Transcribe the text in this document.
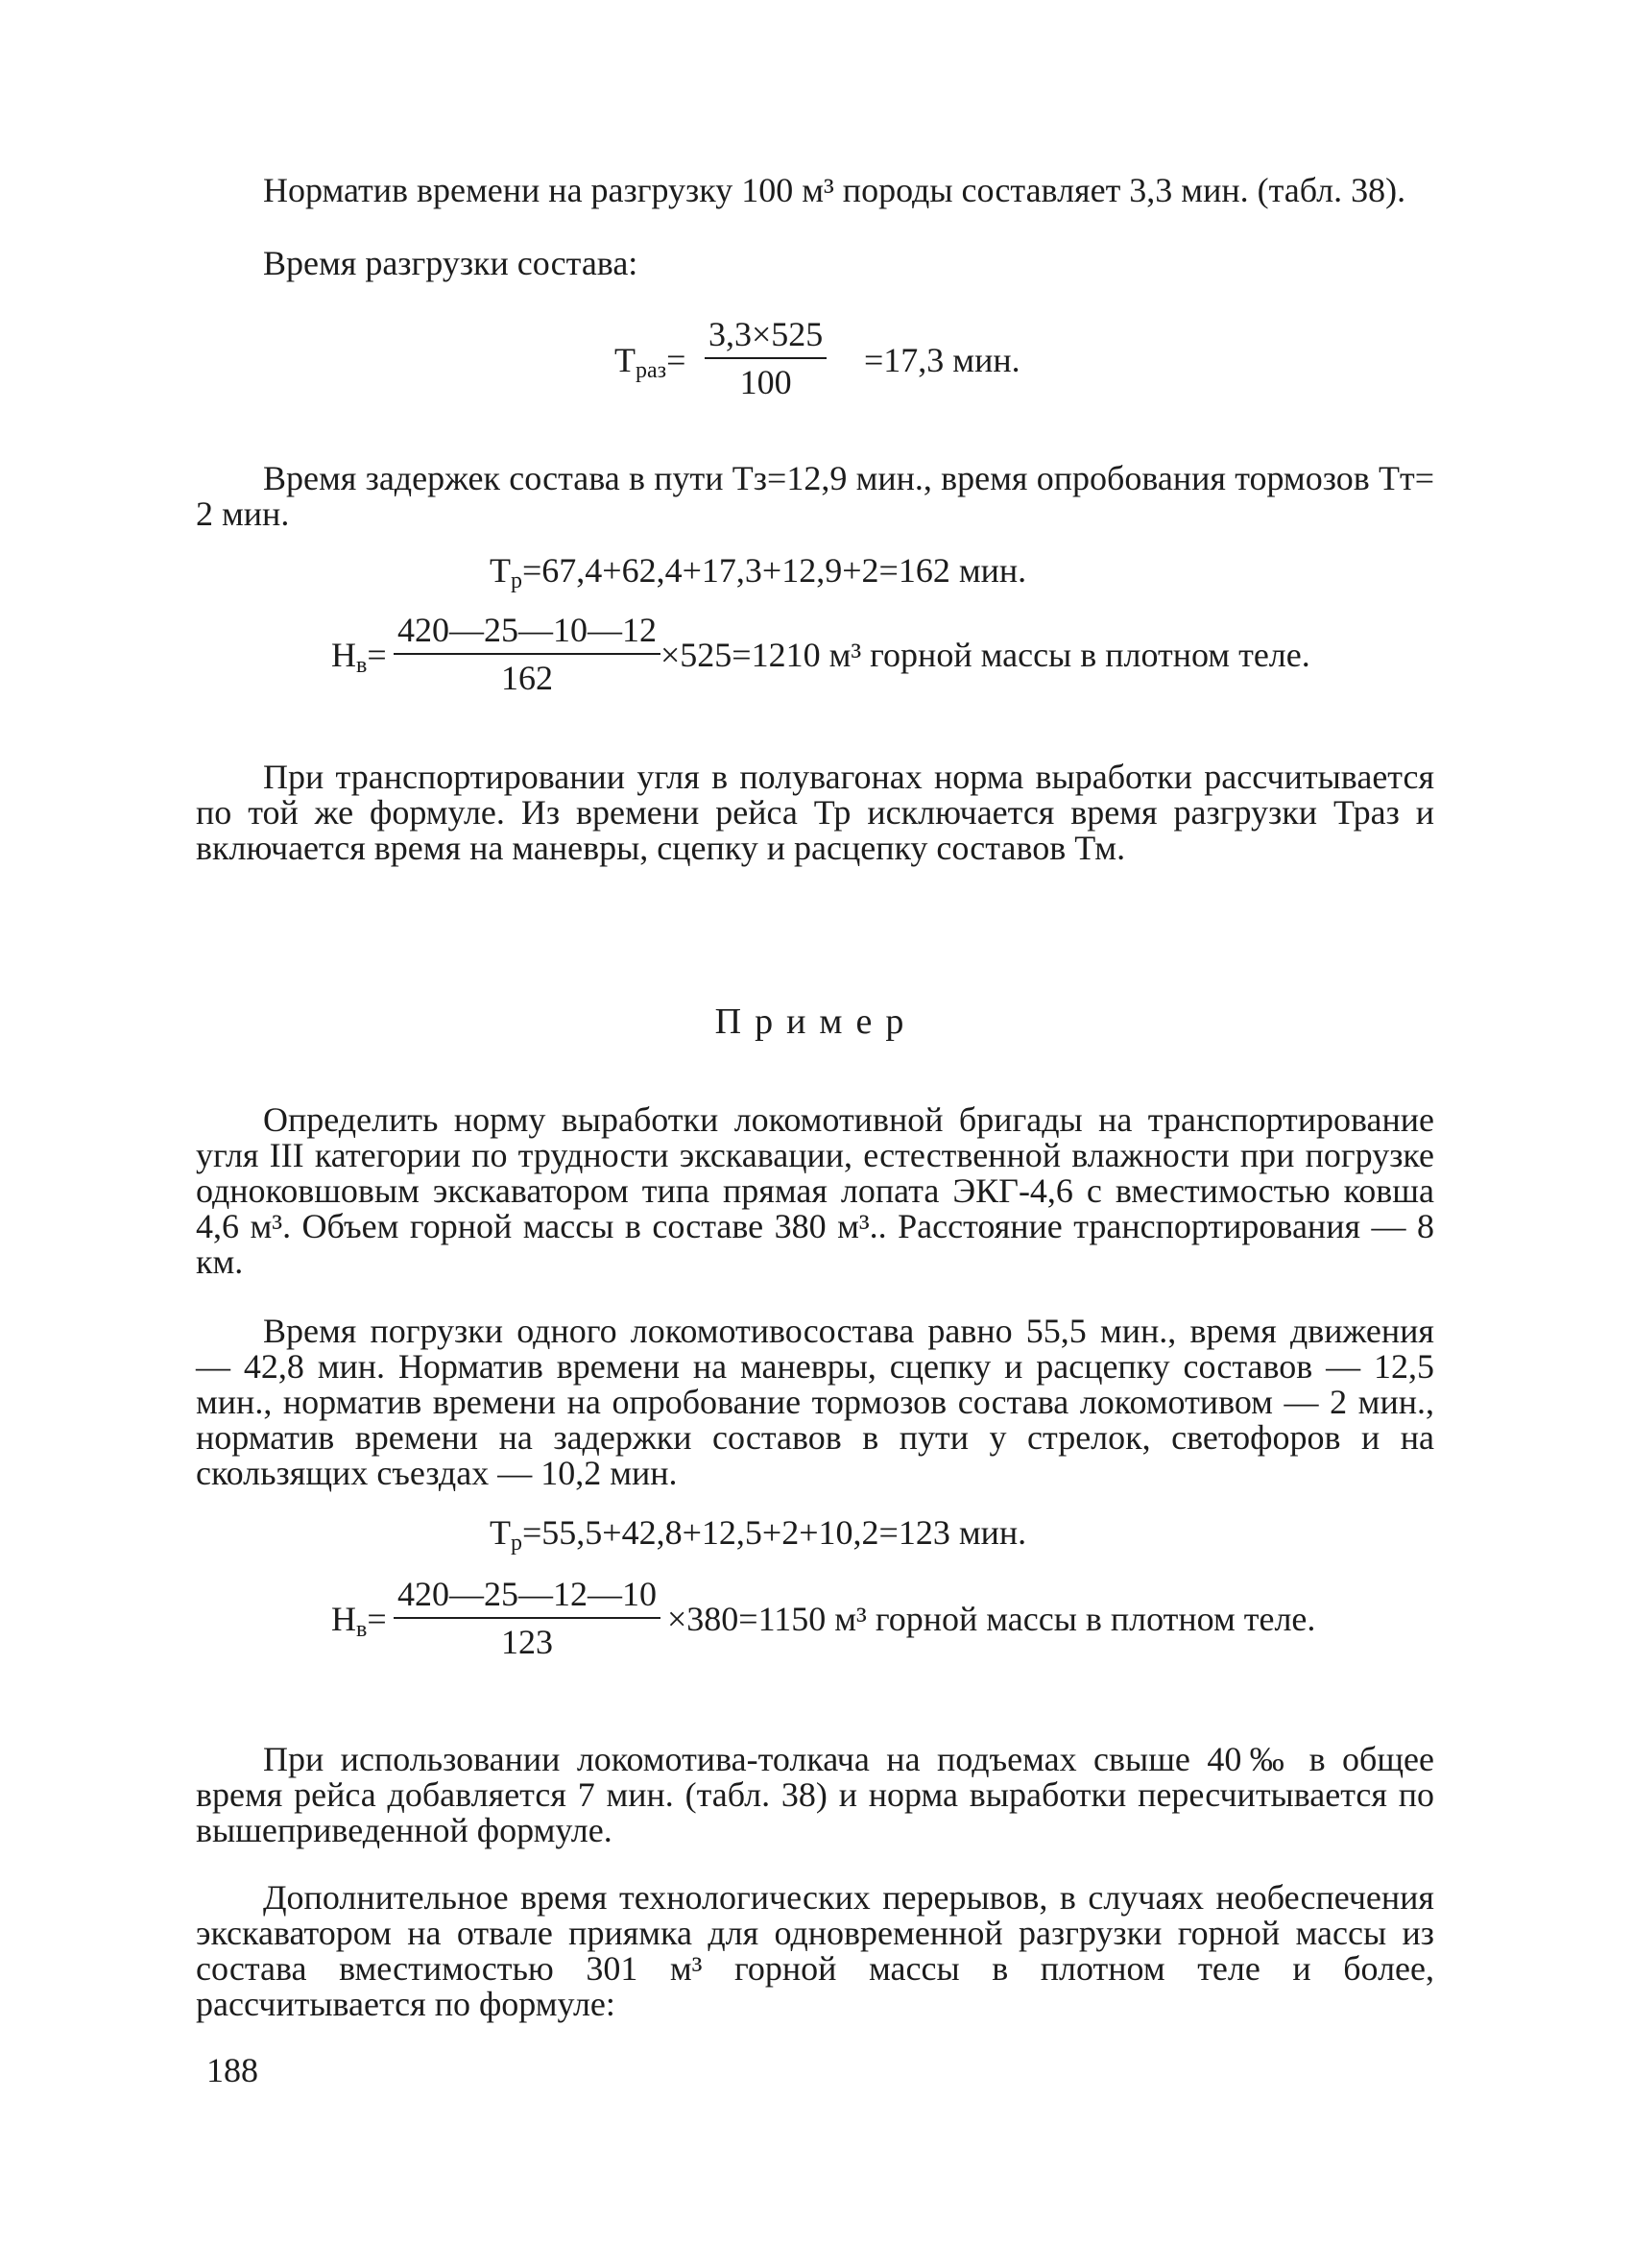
Норматив времени на разгрузку 100 м³ породы составляет 3,3 мин. (табл. 38).

Время разгрузки состава:

$Т_{раз}= \frac{3,3\times 525}{100} =17,3$ мин.

Время задержек состава в пути Тз=12,9 мин., время опробования тормозов Тт= 2 мин.

$Т_р=67,4+62,4+17,3+12,9+2=162$ мин.
$Н_в= \frac{420—25—10—12}{162} \times 525=1210$ м³ горной массы в плотном теле.

При транспортировании угля в полувагонах норма выработки рассчитывается по той же формуле. Из времени рейса Тр исключается время разгрузки Траз и включается время на маневры, сцепку и расцепку составов Тм.

Пример

Определить норму выработки локомотивной бригады на транспортирование угля III категории по трудности экскавации, естественной влажности при погрузке одноковшовым экскаватором типа прямая лопата ЭКГ-4,6 с вместимостью ковша 4,6 м³. Объем горной массы в составе 380 м³.. Расстояние транспортирования — 8 км.

Время погрузки одного локомотивосостава равно 55,5 мин., время движения — 42,8 мин. Норматив времени на маневры, сцепку и расцепку составов — 12,5 мин., норматив времени на опробование тормозов состава локомотивом — 2 мин., норматив времени на задержки составов в пути у стрелок, светофоров и на скользящих съездах — 10,2 мин.

$Т_р=55,5+42,8+12,5+2+10,2=123$ мин.
$Н_в= \frac{420—25—12—10}{123} \times 380=1150$ м³ горной массы в плотном теле.

При использовании локомотива-толкача на подъемах свыше 40‰ в общее время рейса добавляется 7 мин. (табл. 38) и норма выработки пересчитывается по вышеприведенной формуле.

Дополнительное время технологических перерывов, в случаях необеспечения экскаватором на отвале приямка для одновременной разгрузки горной массы из состава вместимостью 301 м³ горной массы в плотном теле и более, рассчитывается по формуле:

188
